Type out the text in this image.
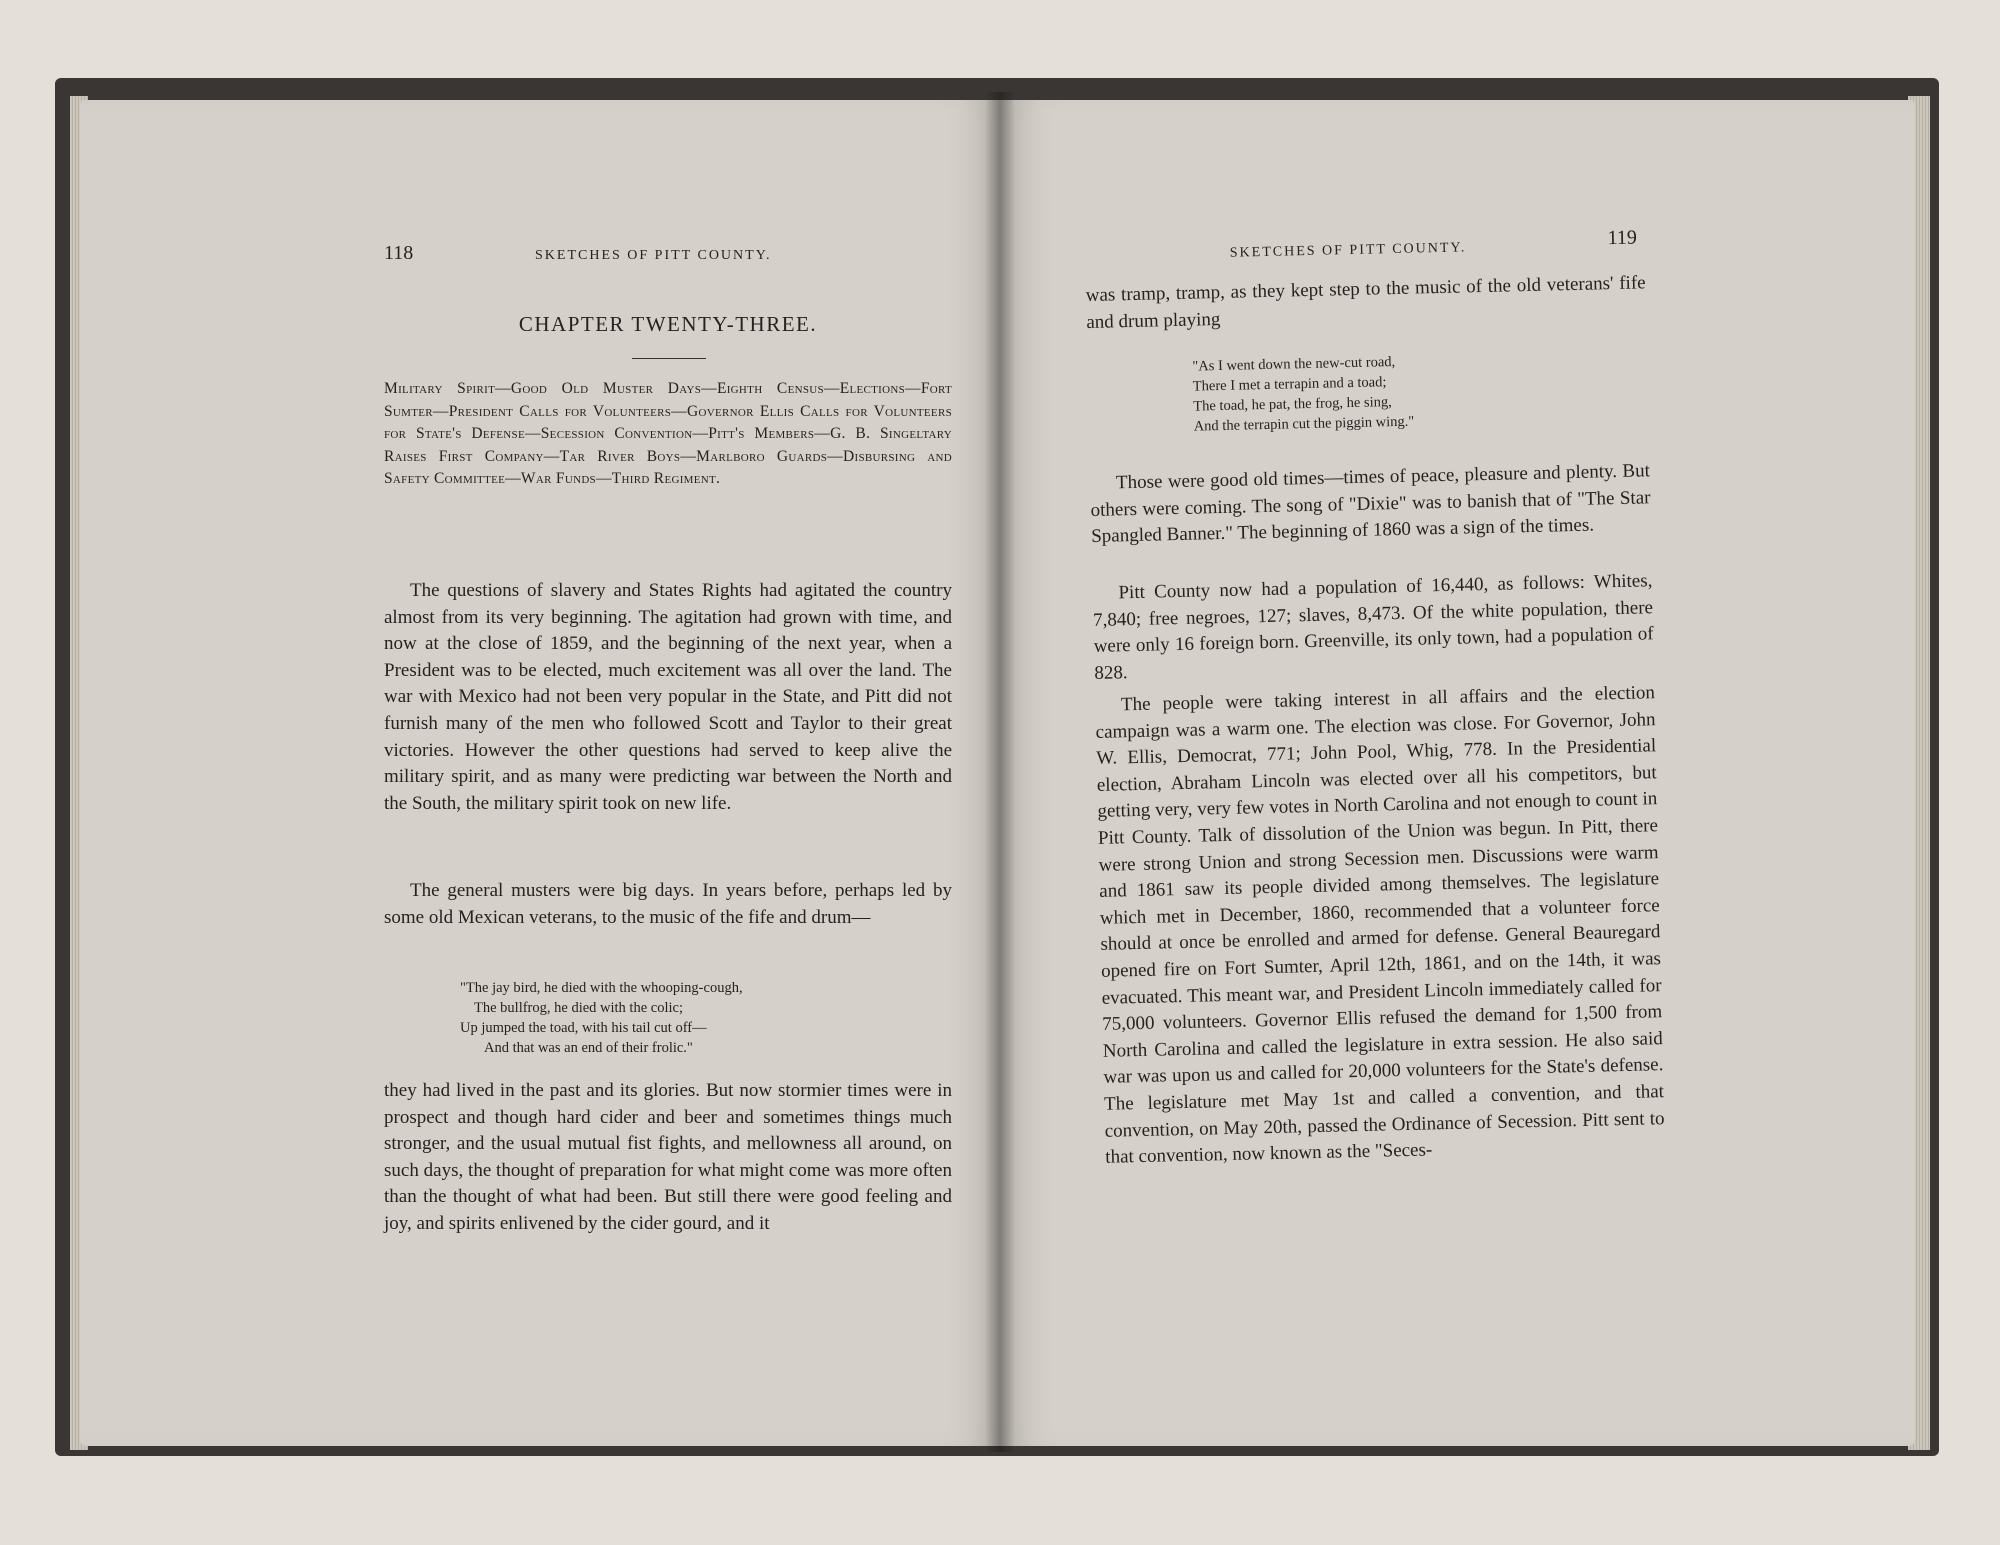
118	SKETCHES OF PITT COUNTY.
CHAPTER TWENTY-THREE.
Military Spirit—Good Old Muster Days—Eighth Census—Elections—Fort Sumter—President Calls for Volunteers—Governor Ellis Calls for Volunteers for State's Defense—Secession Convention—Pitt's Members—G. B. Singeltary Raises First Company—Tar River Boys—Marlboro Guards—Disbursing and Safety Committee—War Funds—Third Regiment.

The questions of slavery and States Rights had agitated the country almost from its very beginning. The agitation had grown with time, and now at the close of 1859, and the beginning of the next year, when a President was to be elected, much excitement was all over the land. The war with Mexico had not been very popular in the State, and Pitt did not furnish many of the men who followed Scott and Taylor to their great victories. However the other questions had served to keep alive the military spirit, and as many were predicting war between the North and the South, the military spirit took on new life.

The general musters were big days. In years before, perhaps led by some old Mexican veterans, to the music of the fife and drum—

"The jay bird, he died with the whooping-cough,
The bullfrog, he died with the colic;
Up jumped the toad, with his tail cut off—
And that was an end of their frolic."

they had lived in the past and its glories. But now stormier times were in prospect and though hard cider and beer and sometimes things much stronger, and the usual mutual fist fights, and mellowness all around, on such days, the thought of preparation for what might come was more often than the thought of what had been. But still there were good feeling and joy, and spirits enlivened by the cider gourd, and it

SKETCHES OF PITT COUNTY.
119

was tramp, tramp, as they kept step to the music of the old veterans' fife and drum playing

"As I went down the new-cut road,
There I met a terrapin and a toad;
The toad, he pat, the frog, he sing,
And the terrapin cut the piggin wing."

Those were good old times—times of peace, pleasure and plenty. But others were coming. The song of "Dixie" was to banish that of "The Star Spangled Banner." The beginning of 1860 was a sign of the times.

Pitt County now had a population of 16,440, as follows: Whites, 7,840; free negroes, 127; slaves, 8,473. Of the white population, there were only 16 foreign born. Greenville, its only town, had a population of 828.

The people were taking interest in all affairs and the election campaign was a warm one. The election was close. For Governor, John W. Ellis, Democrat, 771; John Pool, Whig, 778. In the Presidential election, Abraham Lincoln was elected over all his competitors, but getting very, very few votes in North Carolina and not enough to count in Pitt County. Talk of dissolution of the Union was begun. In Pitt, there were strong Union and strong Secession men. Discussions were warm and 1861 saw its people divided among themselves. The legislature which met in December, 1860, recommended that a volunteer force should at once be enrolled and armed for defense. General Beauregard opened fire on Fort Sumter, April 12th, 1861, and on the 14th, it was evacuated. This meant war, and President Lincoln immediately called for 75,000 volunteers. Governor Ellis refused the demand for 1,500 from North Carolina and called the legislature in extra session. He also said war was upon us and called for 20,000 volunteers for the State's defense. The legislature met May 1st and called a convention, and that convention, on May 20th, passed the Ordinance of Secession. Pitt sent to that convention, now known as the "Seces-
